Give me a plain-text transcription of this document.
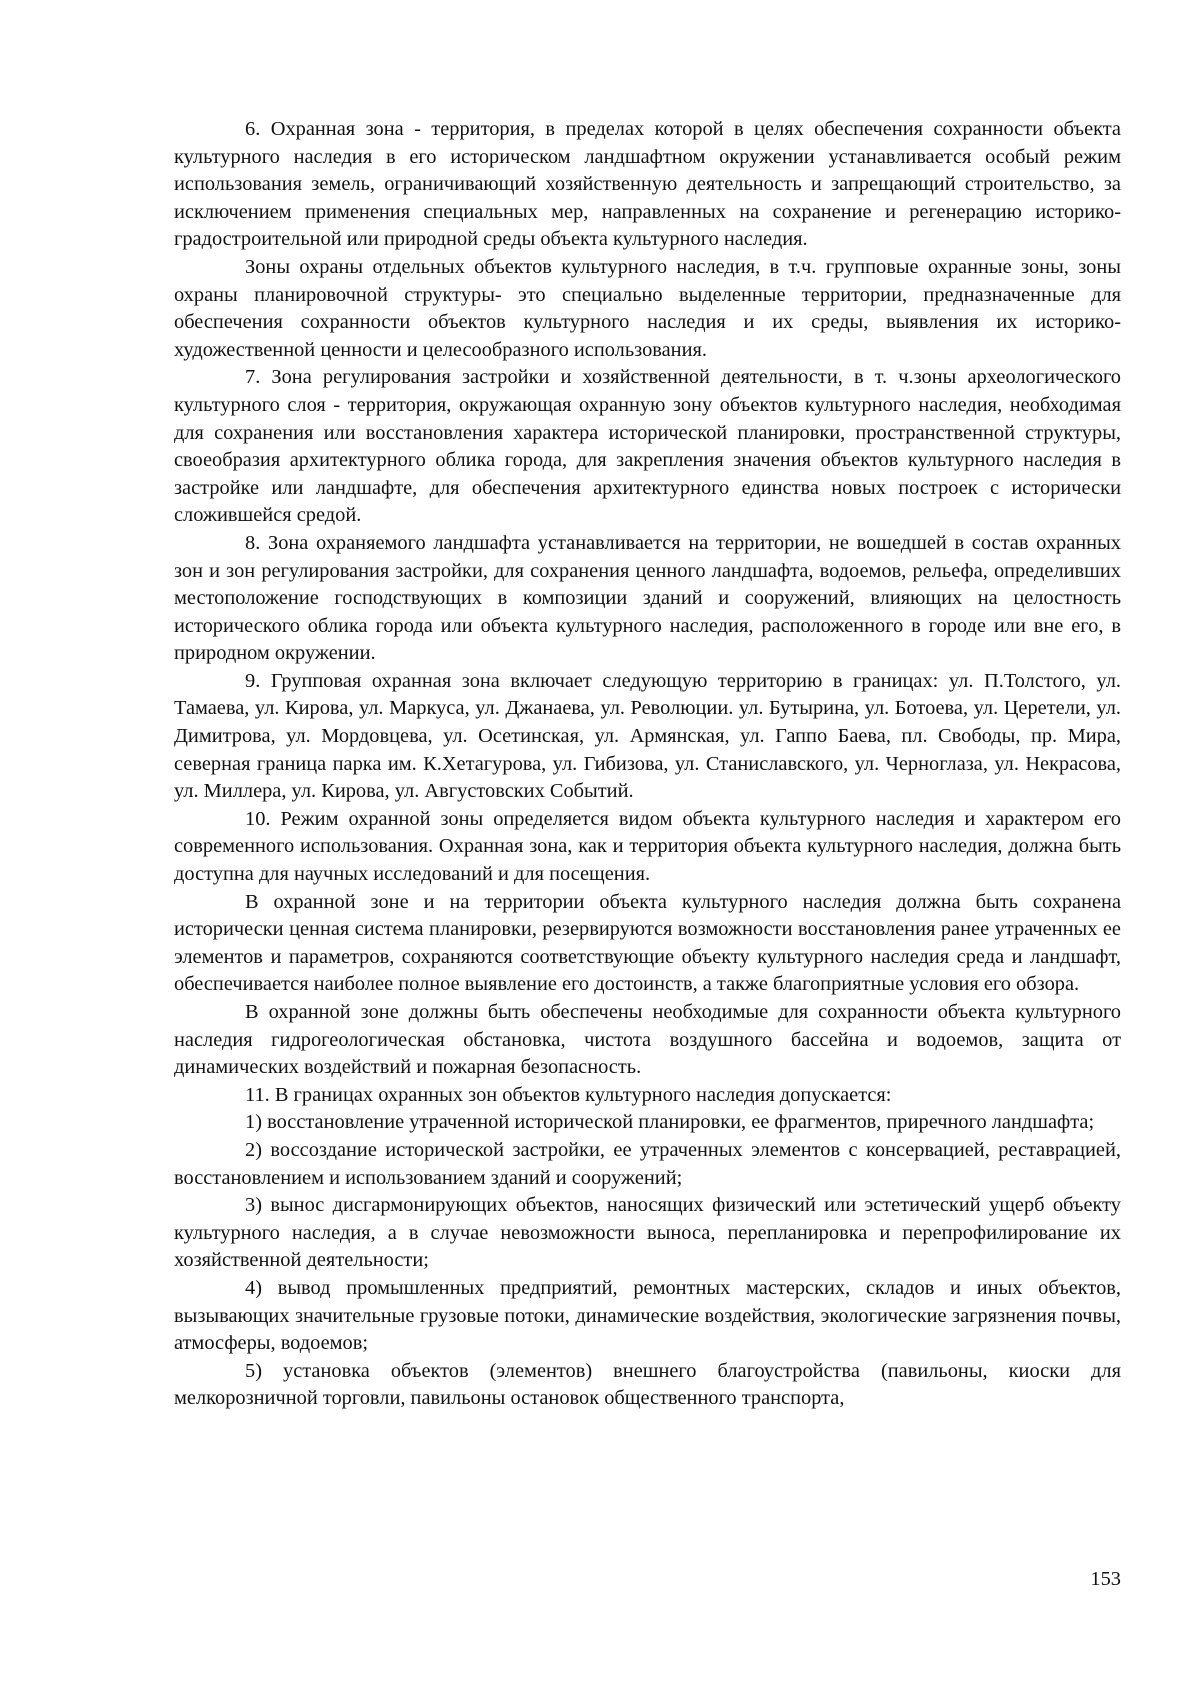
6. Охранная зона - территория, в пределах которой в целях обеспечения сохранности объекта культурного наследия в его историческом ландшафтном окружении устанавливается особый режим использования земель, ограничивающий хозяйственную деятельность и запрещающий строительство, за исключением применения специальных мер, направленных на сохранение и регенерацию историко-градостроительной или природной среды объекта культурного наследия.

Зоны охраны отдельных объектов культурного наследия, в т.ч. групповые охранные зоны, зоны охраны планировочной структуры- это специально выделенные территории, предназначенные для обеспечения сохранности объектов культурного наследия и их среды, выявления их историко-художественной ценности и целесообразного использования.

7. Зона регулирования застройки и хозяйственной деятельности, в т. ч.зоны археологического культурного слоя - территория, окружающая охранную зону объектов культурного наследия, необходимая для сохранения или восстановления характера исторической планировки, пространственной структуры, своеобразия архитектурного облика города, для закрепления значения объектов культурного наследия в застройке или ландшафте, для обеспечения архитектурного единства новых построек с исторически сложившейся средой.

8. Зона охраняемого ландшафта устанавливается на территории, не вошедшей в состав охранных зон и зон регулирования застройки, для сохранения ценного ландшафта, водоемов, рельефа, определивших местоположение господствующих в композиции зданий и сооружений, влияющих на целостность исторического облика города или объекта культурного наследия, расположенного в городе или вне его, в природном окружении.

9. Групповая охранная зона включает следующую территорию в границах: ул. П.Толстого, ул. Тамаева, ул. Кирова, ул. Маркуса, ул. Джанаева, ул. Революции. ул. Бутырина, ул. Ботоева, ул. Церетели, ул. Димитрова, ул. Мордовцева, ул. Осетинская, ул. Армянская, ул. Гаппо Баева, пл. Свободы, пр. Мира, северная граница парка им. К.Хетагурова, ул. Гибизова, ул. Станиславского, ул. Черноглаза, ул. Некрасова, ул. Миллера, ул. Кирова, ул. Августовских Событий.

10. Режим охранной зоны определяется видом объекта культурного наследия и характером его современного использования. Охранная зона, как и территория объекта культурного наследия, должна быть доступна для научных исследований и для посещения.

В охранной зоне и на территории объекта культурного наследия должна быть сохранена исторически ценная система планировки, резервируются возможности восстановления ранее утраченных ее элементов и параметров, сохраняются соответствующие объекту культурного наследия среда и ландшафт, обеспечивается наиболее полное выявление его достоинств, а также благоприятные условия его обзора.

В охранной зоне должны быть обеспечены необходимые для сохранности объекта культурного наследия гидрогеологическая обстановка, чистота воздушного бассейна и водоемов, защита от динамических воздействий и пожарная безопасность.

11. В границах охранных зон объектов культурного наследия допускается:

1) восстановление утраченной исторической планировки, ее фрагментов, приречного ландшафта;

2) воссоздание исторической застройки, ее утраченных элементов с консервацией, реставрацией, восстановлением и использованием зданий и сооружений;

3) вынос дисгармонирующих объектов, наносящих физический или эстетический ущерб объекту культурного наследия, а в случае невозможности выноса, перепланировка и перепрофилирование их хозяйственной деятельности;

4) вывод промышленных предприятий, ремонтных мастерских, складов и иных объектов, вызывающих значительные грузовые потоки, динамические воздействия, экологические загрязнения почвы, атмосферы, водоемов;

5) установка объектов (элементов) внешнего благоустройства (павильоны, киоски для мелкорозничной торговли, павильоны остановок общественного транспорта,

153
